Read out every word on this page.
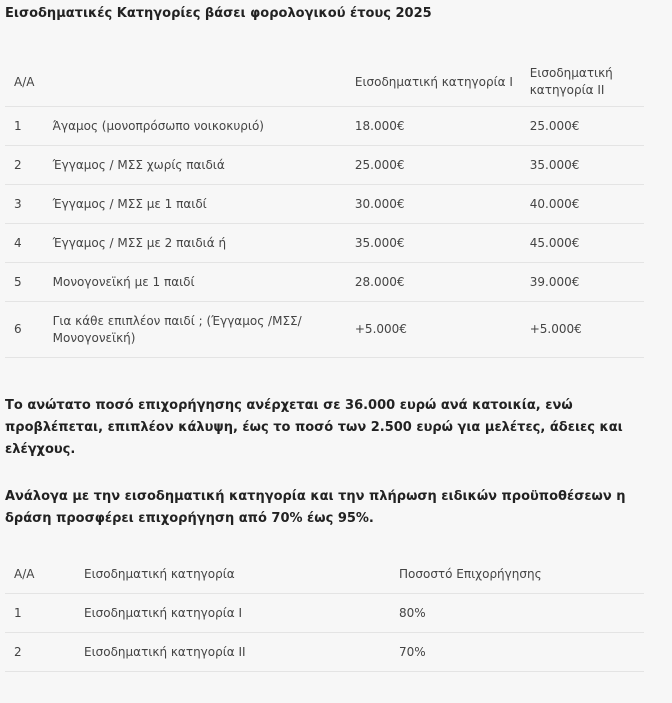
Εισοδηματικές Κατηγορίες βάσει φορολογικού έτους 2025
Α/Α		Εισοδηματική κατηγορία Ι	Εισοδηματική κατηγορία ΙΙ
1	Άγαμος (μονοπρόσωπο νοικοκυριό)	18.000€	25.000€
2	Έγγαμος / ΜΣΣ χωρίς παιδιά	25.000€	35.000€
3	Έγγαμος / ΜΣΣ με 1 παιδί	30.000€	40.000€
4	Έγγαμος / ΜΣΣ με 2 παιδιά ή	35.000€	45.000€
5	Μονογονεϊκή με 1 παιδί	28.000€	39.000€
6	Για κάθε επιπλέον παιδί ; (Έγγαμος /ΜΣΣ/ Μονογονεϊκή)	+5.000€	+5.000€

Το ανώτατο ποσό επιχορήγησης ανέρχεται σε 36.000 ευρώ ανά κατοικία, ενώ προβλέπεται, επιπλέον κάλυψη, έως το ποσό των 2.500 ευρώ για μελέτες, άδειες και ελέγχους.

Ανάλογα με την εισοδηματική κατηγορία και την πλήρωση ειδικών προϋποθέσεων η δράση προσφέρει επιχορήγηση από 70% έως 95%.

Α/Α	Εισοδηματική κατηγορία	Ποσοστό Επιχορήγησης
1	Εισοδηματική κατηγορία Ι	80%
2	Εισοδηματική κατηγορία ΙΙ	70%
